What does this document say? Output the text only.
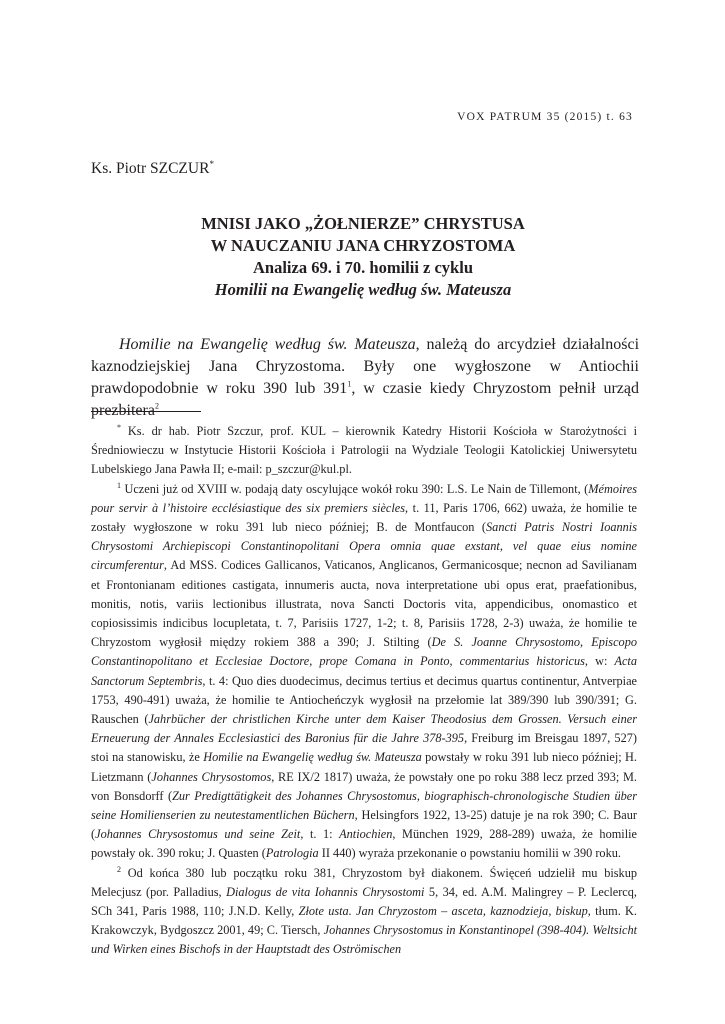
VOX PATRUM 35 (2015) t. 63
Ks. Piotr SZCZUR*
MNISI JAKO „ŻOŁNIERZE” CHRYSTUSA
W NAUCZANIU JANA CHRYZOSTOMA
Analiza 69. i 70. homilii z cyklu
Homilii na Ewangelię według św. Mateusza

Homilie na Ewangelię według św. Mateusza, należą do arcydzieł działalności kaznodziejskiej Jana Chryzostoma. Były one wygłoszone w Antiochii prawdopodobnie w roku 390 lub $391^1$, w czasie kiedy Chryzostom pełnił urząd prezbitera$^2$

* Ks. dr hab. Piotr Szczur, prof. KUL – kierownik Katedry Historii Kościoła w Starożytności i Średniowieczu w Instytucie Historii Kościoła i Patrologii na Wydziale Teologii Katolickiej Uniwersytetu Lubelskiego Jana Pawła II; e-mail: p_szczur@kul.pl.

$^1$ Uczeni już od XVIII w. podają daty oscylujące wokół roku 390: L.S. Le Nain de Tillemont, (Mémoires pour servir à l’histoire ecclésiastique des six premiers siècles, t. 11, Paris 1706, 662) uważa, że homilie te zostały wygłoszone w roku 391 lub nieco później; B. de Montfaucon (Sancti Patris Nostri Ioannis Chrysostomi Archiepiscopi Constantinopolitani Opera omnia quae exstant, vel quae eius nomine circumferentur, Ad MSS. Codices Gallicanos, Vaticanos, Anglicanos, Germanicosque; necnon ad Savilianam et Frontonianam editiones castigata, innumeris aucta, nova interpretatione ubi opus erat, praefationibus, monitis, notis, variis lectionibus illustrata, nova Sancti Doctoris vita, appendicibus, onomastico et copiosissimis indicibus locupletata, t. 7, Parisiis 1727, 1-2; t. 8, Parisiis 1728, 2-3) uważa, że homilie te Chryzostom wygłosił między rokiem 388 a 390; J. Stilting (De S. Joanne Chrysostomo, Episcopo Constantinopolitano et Ecclesiae Doctore, prope Comana in Ponto, commentarius historicus, w: Acta Sanctorum Septembris, t. 4: Quo dies duodecimus, decimus tertius et decimus quartus continentur, Antverpiae 1753, 490-491) uważa, że homilie te Antiocheńczyk wygłosił na przełomie lat 389/390 lub 390/391; G. Rauschen (Jahrbücher der christlichen Kirche unter dem Kaiser Theodosius dem Grossen. Versuch einer Erneuerung der Annales Ecclesiastici des Baronius für die Jahre 378-395, Freiburg im Breisgau 1897, 527) stoi na stanowisku, że Homilie na Ewangelię według św. Mateusza powstały w roku 391 lub nieco później; H. Lietzmann (Johannes Chrysostomos, RE IX/2 1817) uważa, że powstały one po roku 388 lecz przed 393; M. von Bonsdorff (Zur Predigttätigkeit des Johannes Chrysostomus, biographisch-chronologische Studien über seine Homilienserien zu neutestamentlichen Büchern, Helsingfors 1922, 13-25) datuje je na rok 390; C. Baur (Johannes Chrysostomus und seine Zeit, t. 1: Antiochien, München 1929, 288-289) uważa, że homilie powstały ok. 390 roku; J. Quasten (Patrologia II 440) wyraża przekonanie o powstaniu homilii w 390 roku.

$^2$ Od końca 380 lub początku roku 381, Chryzostom był diakonem. Święceń udzielił mu biskup Melecjusz (por. Palladius, Dialogus de vita Iohannis Chrysostomi 5, 34, ed. A.M. Malingrey – P. Leclercq, SCh 341, Paris 1988, 110; J.N.D. Kelly, Złote usta. Jan Chryzostom – asceta, kaznodzieja, biskup, tłum. K. Krakowczyk, Bydgoszcz 2001, 49; C. Tiersch, Johannes Chrysostomus in Konstantinopel (398-404). Weltsicht und Wirken eines Bischofs in der Hauptstadt des Oströmischen
